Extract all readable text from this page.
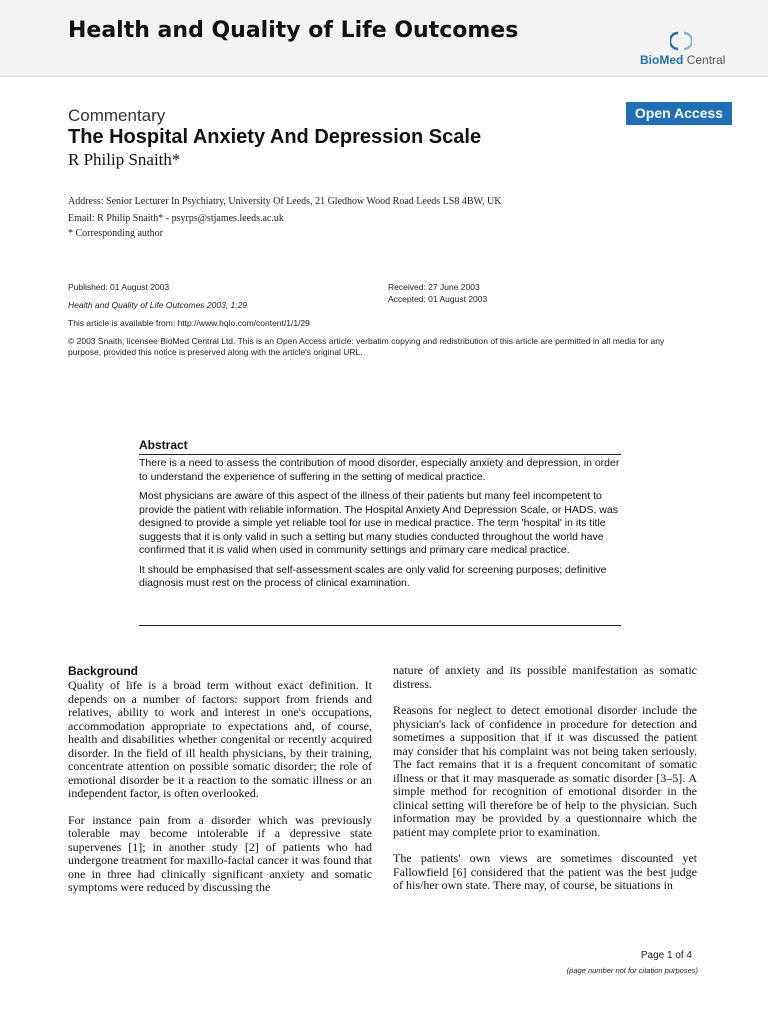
Health and Quality of Life Outcomes
BioMed Central
Commentary	Open Access
The Hospital Anxiety And Depression Scale
R Philip Snaith*
Address: Senior Lecturer In Psychiatry, University Of Leeds, 21 Gledhow Wood Road Leeds LS8 4BW, UK
Email: R Philip Snaith* - psyrps@stjames.leeds.ac.uk
* Corresponding author
Published: 01 August 2003
Health and Quality of Life Outcomes 2003, 1:29
This article is available from: http://www.hqlo.com/content/1/1/29
Received: 27 June 2003
Accepted: 01 August 2003
© 2003 Snaith; licensee BioMed Central Ltd. This is an Open Access article: verbatim copying and redistribution of this article are permitted in all media for any purpose, provided this notice is preserved along with the article's original URL.
Abstract

There is a need to assess the contribution of mood disorder, especially anxiety and depression, in order to understand the experience of suffering in the setting of medical practice.

Most physicians are aware of this aspect of the illness of their patients but many feel incompetent to provide the patient with reliable information. The Hospital Anxiety And Depression Scale, or HADS, was designed to provide a simple yet reliable tool for use in medical practice. The term 'hospital' in its title suggests that it is only valid in such a setting but many studies conducted throughout the world have confirmed that it is valid when used in community settings and primary care medical practice.

It should be emphasised that self-assessment scales are only valid for screening purposes; definitive diagnosis must rest on the process of clinical examination.

Background

Quality of life is a broad term without exact definition. It depends on a number of factors: support from friends and relatives, ability to work and interest in one's occupations, accommodation appropriate to expectations and, of course, health and disabilities whether congenital or recently acquired disorder. In the field of ill health physicians, by their training, concentrate attention on possible somatic disorder; the role of emotional disorder be it a reaction to the somatic illness or an independent factor, is often overlooked.

For instance pain from a disorder which was previously tolerable may become intolerable if a depressive state supervenes [1]; in another study [2] of patients who had undergone treatment for maxillo-facial cancer it was found that one in three had clinically significant anxiety and somatic symptoms were reduced by discussing the

nature of anxiety and its possible manifestation as somatic distress.

Reasons for neglect to detect emotional disorder include the physician's lack of confidence in procedure for detection and sometimes a supposition that if it was discussed the patient may consider that his complaint was not being taken seriously. The fact remains that it is a frequent concomitant of somatic illness or that it may masquerade as somatic disorder [3–5]. A simple method for recognition of emotional disorder in the clinical setting will therefore be of help to the physician. Such information may be provided by a questionnaire which the patient may complete prior to examination.

The patients' own views are sometimes discounted yet Fallowfield [6] considered that the patient was the best judge of his/her own state. There may, of course, be situations in

Page 1 of 4
(page number not for citation purposes)
